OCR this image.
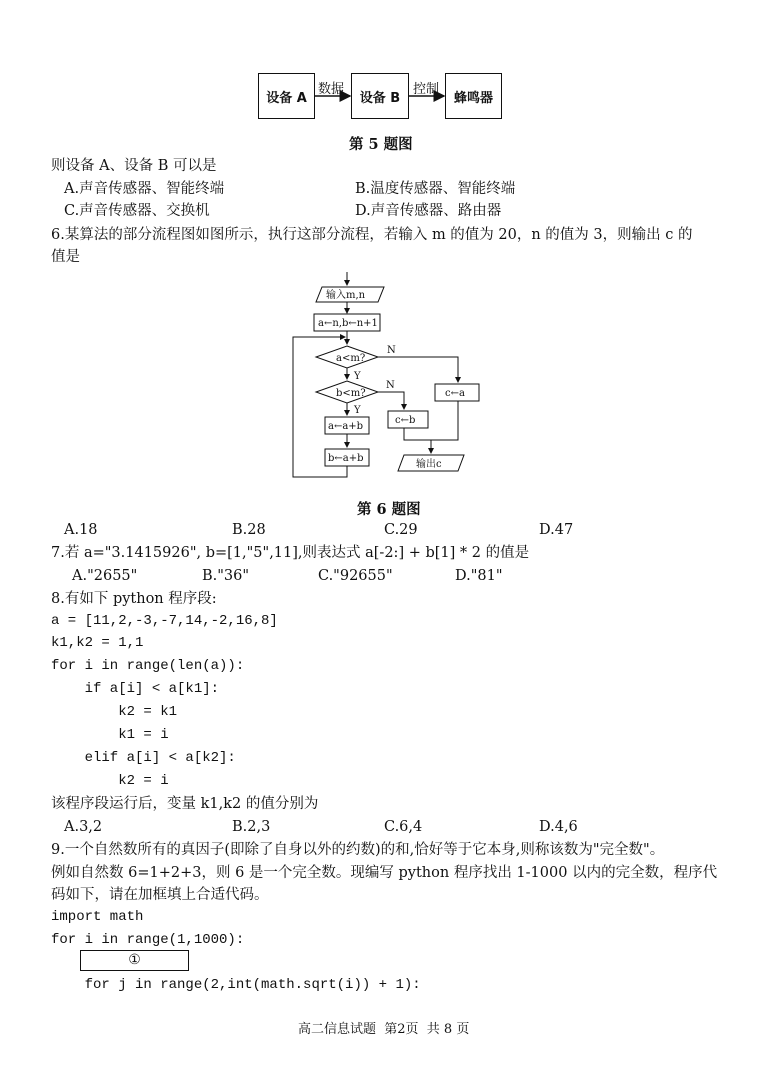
设备 A	设备 B	蜂鸣器
数据	控制
第 5 题图
则设备 A、设备 B 可以是
A.声音传感器、智能终端	B.温度传感器、智能终端
C.声音传感器、交换机	D.声音传感器、路由器
6.某算法的部分流程图如图所示，执行这部分流程，若输入 m 的值为 20，n 的值为 3，则输出 c 的
值是
输入m,n
a←n,b←n+1
a<m?
b<m?
a←a+b
b←a+b
c←a
c←b
输出c
N
N
Y
Y
第 6 题图
A.18	B.28	C.29	D.47
7.若 a="3.1415926", b=[1,"5",11],则表达式 a[-2:] + b[1] * 2 的值是
A."2655"	B."36"	C."92655"	D."81"
8.有如下 python 程序段:
a = [11,2,-3,-7,14,-2,16,8]
k1,k2 = 1,1
for i in range(len(a)):
if a[i] < a[k1]:
k2 = k1
k1 = i
elif a[i] < a[k2]:
k2 = i
该程序段运行后，变量 k1,k2 的值分别为
A.3,2	B.2,3	C.6,4	D.4,6
9.一个自然数所有的真因子(即除了自身以外的约数)的和,恰好等于它本身,则称该数为"完全数"。
例如自然数 6=1+2+3，则 6 是一个完全数。现编写 python 程序找出 1-1000 以内的完全数，程序代
码如下，请在加框填上合适代码。
import math
for i in range(1,1000):
①
for j in range(2,int(math.sqrt(i)) + 1):
高二信息试题  第2页  共 8 页
